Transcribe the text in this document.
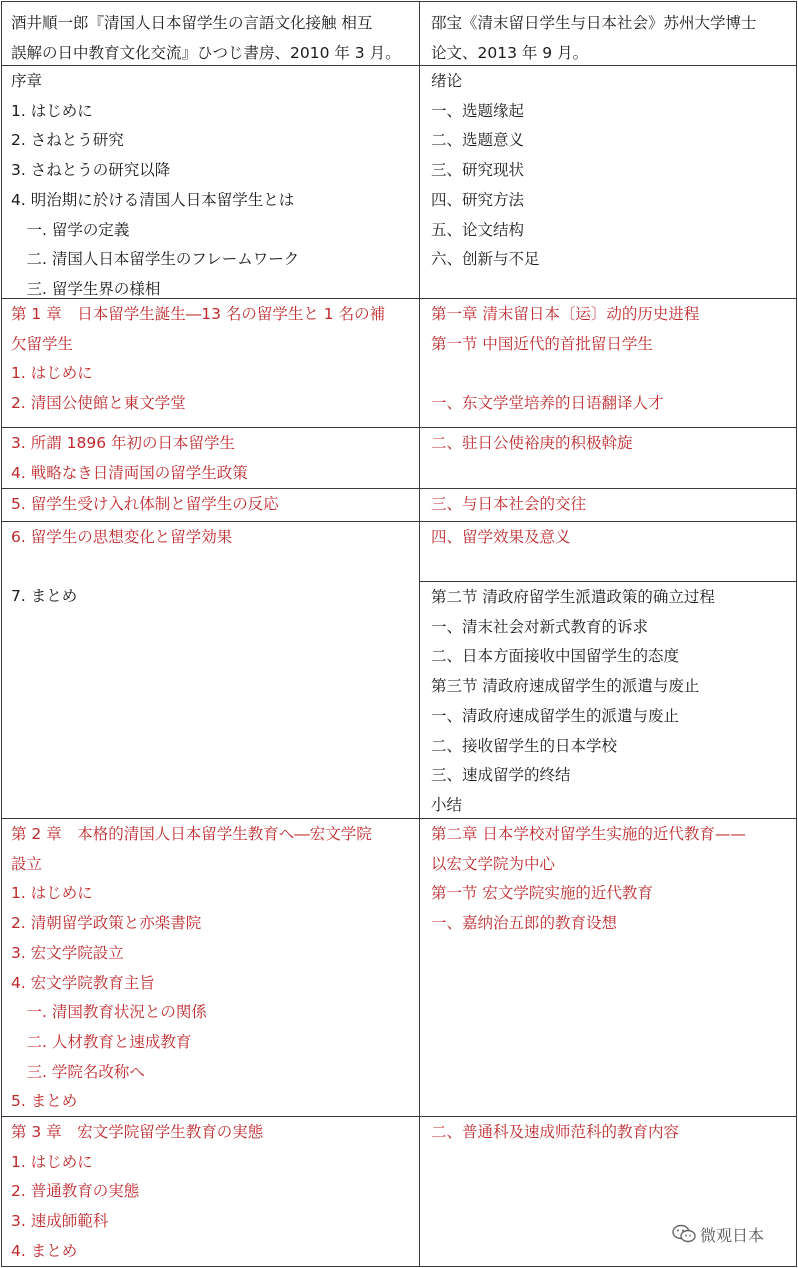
酒井順一郎『清国人日本留学生の言語文化接触 相互
誤解の日中教育文化交流』ひつじ書房、2010 年 3 月。
邵宝《清末留日学生与日本社会》苏州大学博士
论文、2013 年 9 月。
序章
1. はじめに
2. さねとう研究
3. さねとうの研究以降
4. 明治期に於ける清国人日本留学生とは
　一. 留学の定義
　二. 清国人日本留学生のフレームワーク
　三. 留学生界の様相
绪论
一、选题缘起
二、选题意义
三、研究现状
四、研究方法
五、论文结构
六、创新与不足
第 1 章　日本留学生誕生―13 名の留学生と 1 名の補
欠留学生
1. はじめに
2. 清国公使館と東文学堂
第一章 清末留日本〔运〕动的历史进程
第一节 中国近代的首批留日学生
一、东文学堂培养的日语翻译人才
3. 所謂 1896 年初の日本留学生
4. 戦略なき日清両国の留学生政策
二、驻日公使裕庚的积极斡旋
5. 留学生受け入れ体制と留学生の反応	三、与日本社会的交往
6. 留学生の思想変化と留学効果
7. まとめ
四、留学效果及意义
第二节 清政府留学生派遣政策的确立过程
一、清末社会对新式教育的诉求
二、日本方面接收中国留学生的态度
第三节 清政府速成留学生的派遣与废止
一、清政府速成留学生的派遣与废止
二、接收留学生的日本学校
三、速成留学的终结
小结
第 2 章　本格的清国人日本留学生教育へ―宏文学院
設立
1. はじめに
2. 清朝留学政策と亦楽書院
3. 宏文学院設立
4. 宏文学院教育主旨
　一. 清国教育状況との関係
　二. 人材教育と速成教育
　三. 学院名改称へ
5. まとめ
第二章 日本学校对留学生实施的近代教育——
以宏文学院为中心
第一节 宏文学院实施的近代教育
一、嘉纳治五郎的教育设想
第 3 章　宏文学院留学生教育の実態
1. はじめに
2. 普通教育の実態
3. 速成師範科
4. まとめ
二、普通科及速成师范科的教育内容
微观日本
